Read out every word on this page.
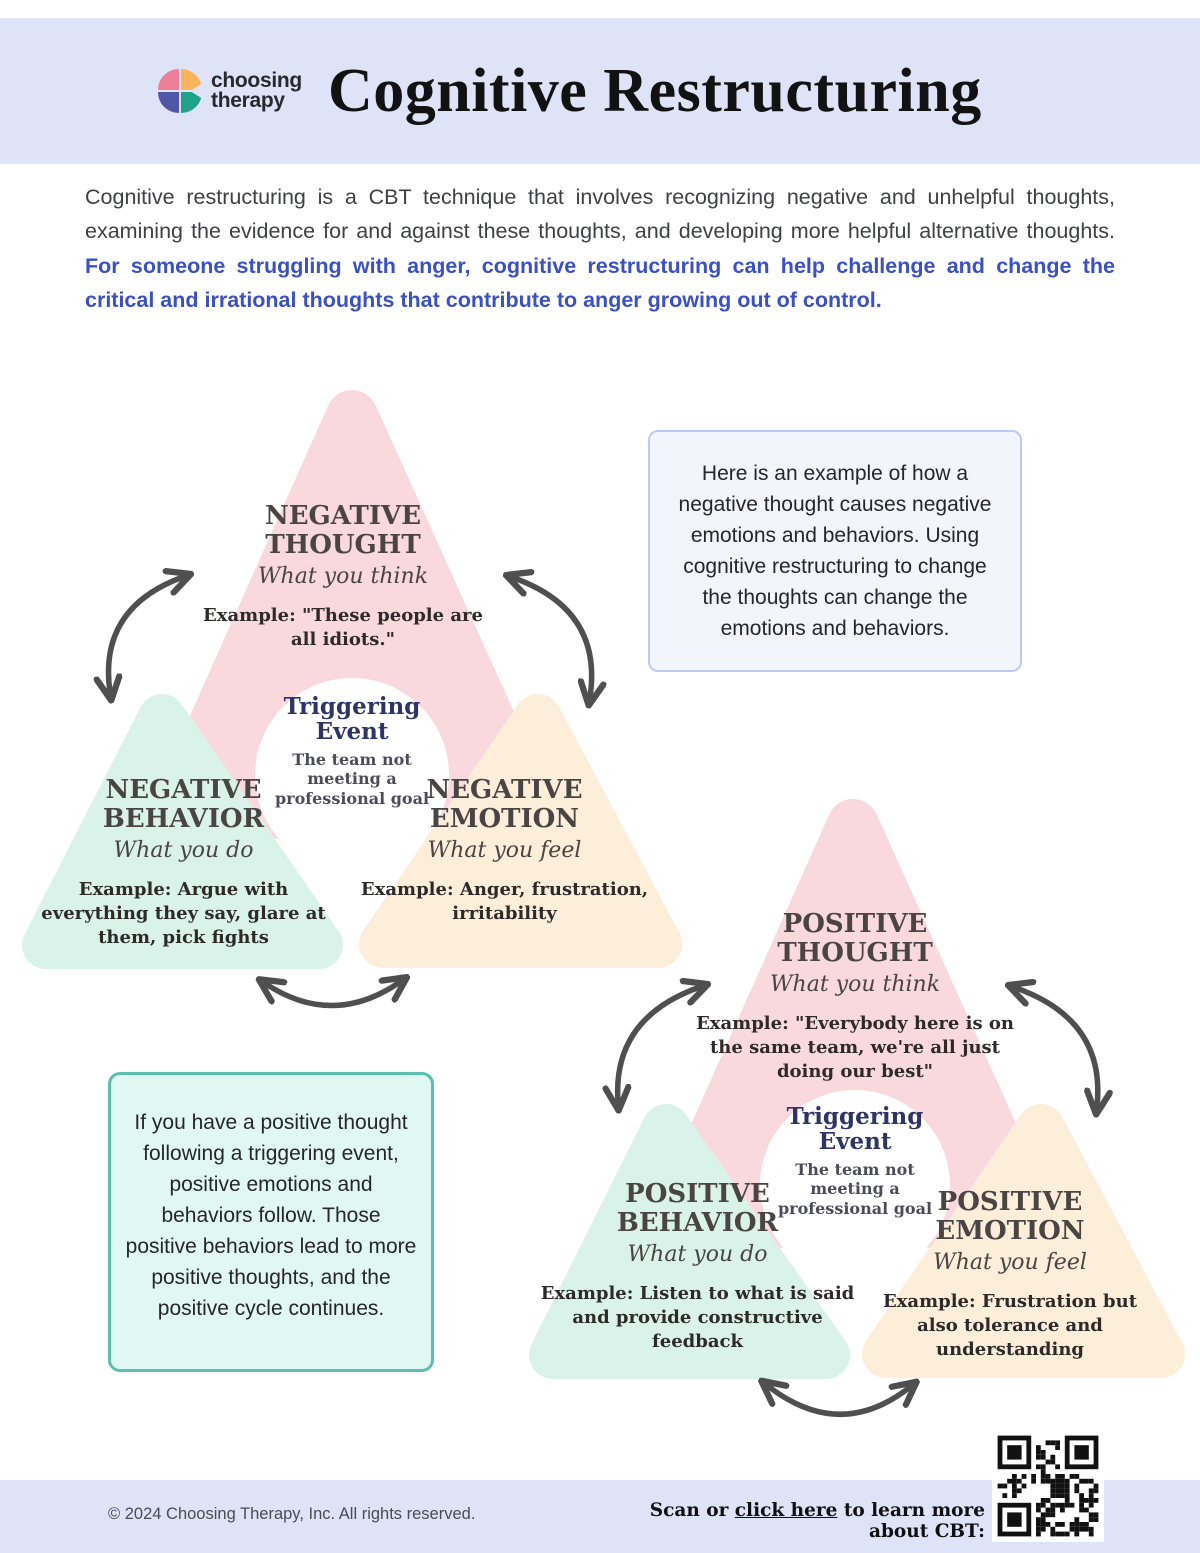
choosing
therapy Cognitive Restructuring

Cognitive restructuring is a CBT technique that involves recognizing negative and unhelpful thoughts, examining the evidence for and against these thoughts, and developing more helpful alternative thoughts. For someone struggling with anger, cognitive restructuring can help challenge and change the critical and irrational thoughts that contribute to anger growing out of control.

NEGATIVE THOUGHT
What you think
Example: "These people are all idiots."
Triggering Event
The team not meeting a professional goal
NEGATIVE BEHAVIOR
What you do
Example: Argue with everything they say, glare at them, pick fights
NEGATIVE EMOTION
What you feel
Example: Anger, frustration, irritability	POSITIVE THOUGHT
What you think
Example: "Everybody here is on the same team, we're all just doing our best"
Triggering Event
The team not meeting a professional goal
POSITIVE BEHAVIOR
What you do
Example: Listen to what is said and provide constructive feedback
POSITIVE EMOTION
What you feel
Example: Frustration but also tolerance and understanding
Here is an example of how a negative thought causes negative emotions and behaviors. Using cognitive restructuring to change the thoughts can change the emotions and behaviors.
If you have a positive thought following a triggering event, positive emotions and behaviors follow. Those positive behaviors lead to more positive thoughts, and the positive cycle continues.
© 2024 Choosing Therapy, Inc. All rights reserved.	Scan or click here to learn more about CBT:
